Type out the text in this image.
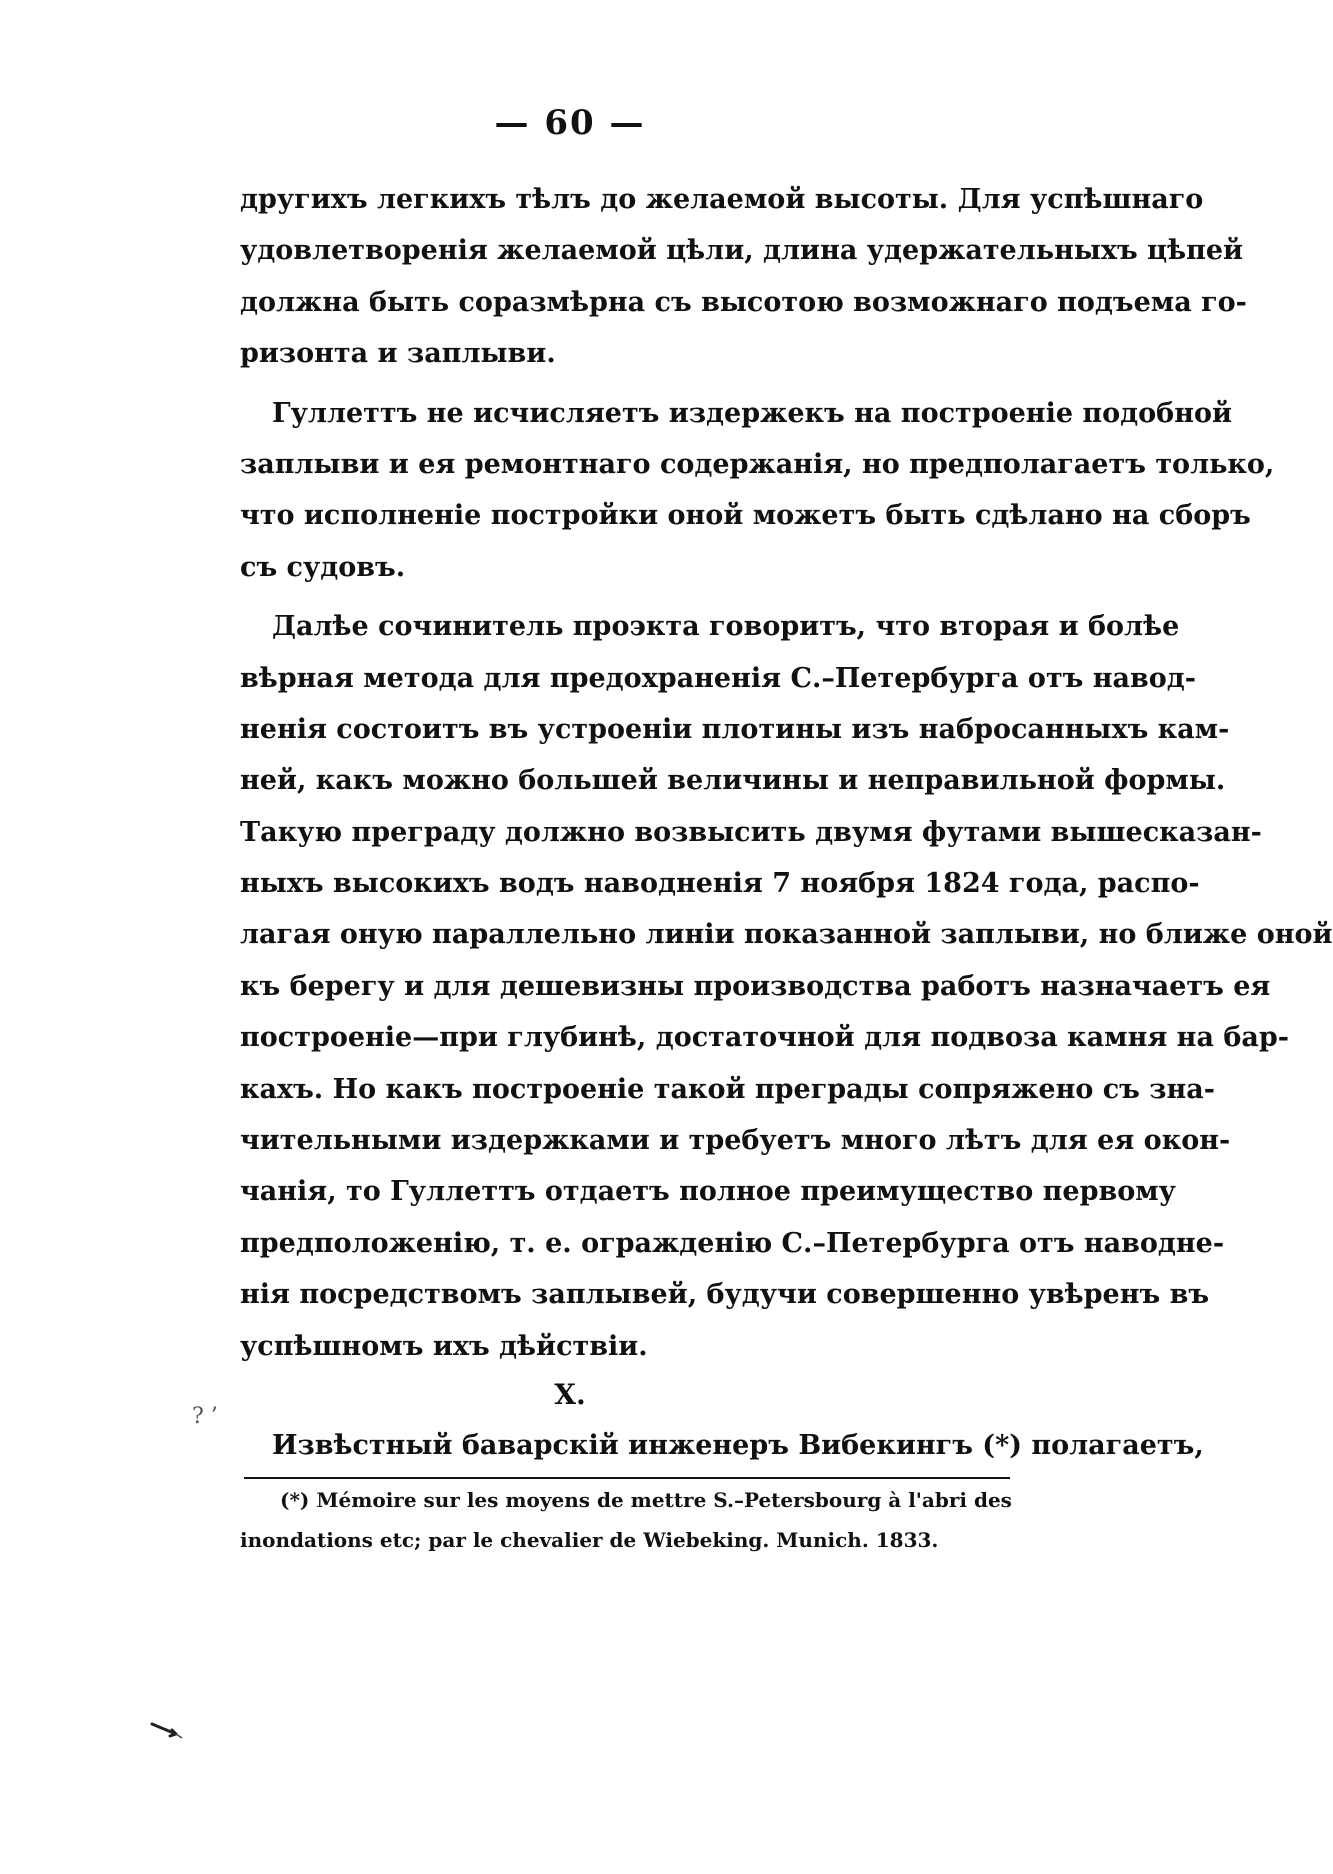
— 60 —
другихъ легкихъ тѣлъ до желаемой высоты. Для успѣшнаго
удовлетворенія желаемой цѣли, длина удержательныхъ цѣпей
должна быть соразмѣрна съ высотою возможнаго подъема го-
ризонта и заплыви.
Гуллеттъ не исчисляетъ издержекъ на построеніе подобной
заплыви и ея ремонтнаго содержанія, но предполагаетъ только,
что исполненіе постройки оной можетъ быть сдѣлано на сборъ
съ судовъ.
Далѣе сочинитель проэкта говоритъ, что вторая и болѣе
вѣрная метода для предохраненія С.–Петербурга отъ навод-
ненія состоитъ въ устроеніи плотины изъ набросанныхъ кам-
ней, какъ можно большей величины и неправильной формы.
Такую преграду должно возвысить двумя футами вышесказан-
ныхъ высокихъ водъ наводненія 7 ноября 1824 года, распо-
лагая оную параллельно линіи показанной заплыви, но ближе оной
къ берегу и для дешевизны производства работъ назначаетъ ея
построеніе—при глубинѣ, достаточной для подвоза камня на бар-
кахъ. Но какъ построеніе такой преграды сопряжено съ зна-
чительными издержками и требуетъ много лѣтъ для ея окон-
чанія, то Гуллеттъ отдаетъ полное преимущество первому
предположенію, т. е. огражденію С.–Петербурга отъ наводне-
нія посредствомъ заплывей, будучи совершенно увѣренъ въ
успѣшномъ ихъ дѣйствіи.
X.
? ’
Извѣстный баварскій инженеръ Вибекингъ (*) полагаетъ,
(*) Mémoire sur les moyens de mettre S.–Petersbourg à l'abri des
inondations etc; par le chevalier de Wiebeking. Munich. 1833.
